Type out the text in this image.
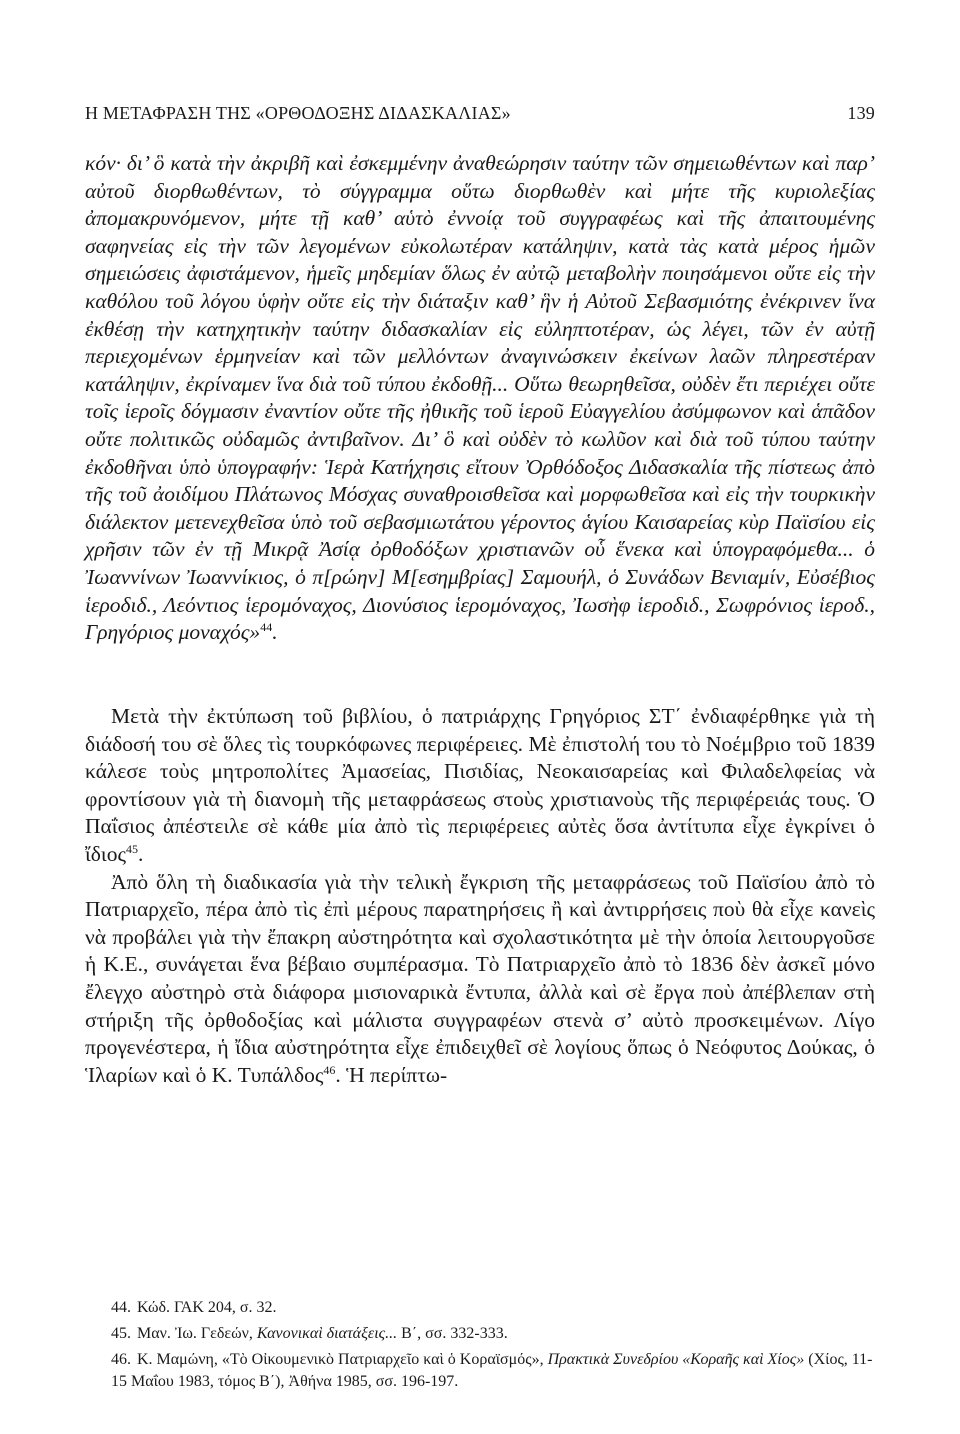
Η ΜΕΤΑΦΡΑΣΗ ΤΗΣ «ΟΡΘΟΔΟΞΗΣ ΔΙΔΑΣΚΑΛΙΑΣ»	139

κόν· δι’ ὃ κατὰ τὴν ἀκριβῆ καὶ ἐσκεμμένην ἀναθεώρησιν ταύτην τῶν σημειωθέντων καὶ παρ’ αὐτοῦ διορθωθέντων, τὸ σύγγραμμα οὕτω διορθωθὲν καὶ μήτε τῆς κυριολεξίας ἀπομακρυνόμενον, μήτε τῇ καθ’ αὑτὸ ἐννοίᾳ τοῦ συγγραφέως καὶ τῆς ἀπαιτουμένης σαφηνείας εἰς τὴν τῶν λεγομένων εὐκολωτέραν κατάληψιν, κατὰ τὰς κατὰ μέρος ἡμῶν σημειώσεις ἀφιστάμενον, ἡμεῖς μηδεμίαν ὅλως ἐν αὐτῷ μεταβολὴν ποιησάμενοι οὔτε εἰς τὴν καθόλου τοῦ λόγου ὑφὴν οὔτε εἰς τὴν διάταξιν καθ’ ἣν ἡ Αὐτοῦ Σεβασμιότης ἐνέκρινεν ἵνα ἐκθέσῃ τὴν κατηχητικὴν ταύτην διδασκαλίαν εἰς εὐληπτοτέραν, ὡς λέγει, τῶν ἐν αὐτῇ περιεχομένων ἑρμηνείαν καὶ τῶν μελλόντων ἀναγινώσκειν ἐκείνων λαῶν πληρεστέραν κατάληψιν, ἐκρίναμεν ἵνα διὰ τοῦ τύπου ἐκδοθῇ... Οὕτω θεωρηθεῖσα, οὐδὲν ἔτι περιέχει οὔτε τοῖς ἱεροῖς δόγμασιν ἐναντίον οὔτε τῆς ἠθικῆς τοῦ ἱεροῦ Εὐαγγελίου ἀσύμφωνον καὶ ἁπᾶδον οὔτε πολιτικῶς οὐδαμῶς ἀντιβαῖνον. Δι’ ὃ καὶ οὐδὲν τὸ κωλῦον καὶ διὰ τοῦ τύπου ταύτην ἐκδοθῆναι ὑπὸ ὑπογραφήν: Ἱερὰ Κατήχησις εἴτουν Ὀρθόδοξος Διδασκαλία τῆς πίστεως ἀπὸ τῆς τοῦ ἀοιδίμου Πλάτωνος Μόσχας συναθροισθεῖσα καὶ μορφωθεῖσα καὶ εἰς τὴν τουρκικὴν διάλεκτον μετενεχθεῖσα ὑπὸ τοῦ σεβασμιωτάτου γέροντος ἁγίου Καισαρείας κὺρ Παϊσίου εἰς χρῆσιν τῶν ἐν τῇ Μικρᾷ Ἀσίᾳ ὀρθοδόξων χριστιανῶν οὗ ἕνεκα καὶ ὑπογραφόμεθα... ὁ Ἰωαννίνων Ἰωαννίκιος, ὁ π[ρώην] Μ[εσημβρίας] Σαμουήλ, ὁ Συνάδων Βενιαμίν, Εὐσέβιος ἱεροδιδ., Λεόντιος ἱερομόναχος, Διονύσιος ἱερομόναχος, Ἰωσὴφ ἱεροδιδ., Σωφρόνιος ἱεροδ., Γρηγόριος μοναχός»$^{44}$.

Μετὰ τὴν ἐκτύπωση τοῦ βιβλίου, ὁ πατριάρχης Γρηγόριος ΣΤ΄ ἐνδιαφέρθηκε γιὰ τὴ διάδοσή του σὲ ὅλες τὶς τουρκόφωνες περιφέρειες. Μὲ ἐπιστολή του τὸ Νοέμβριο τοῦ 1839 κάλεσε τοὺς μητροπολίτες Ἀμασείας, Πισιδίας, Νεοκαισαρείας καὶ Φιλαδελφείας νὰ φροντίσουν γιὰ τὴ διανομὴ τῆς μεταφράσεως στοὺς χριστιανοὺς τῆς περιφέρειάς τους. Ὁ Παΐσιος ἀπέστειλε σὲ κάθε μία ἀπὸ τὶς περιφέρειες αὐτὲς ὅσα ἀντίτυπα εἶχε ἐγκρίνει ὁ ἴδιος$^{45}$.

Ἀπὸ ὅλη τὴ διαδικασία γιὰ τὴν τελικὴ ἔγκριση τῆς μεταφράσεως τοῦ Παϊσίου ἀπὸ τὸ Πατριαρχεῖο, πέρα ἀπὸ τὶς ἐπὶ μέρους παρατηρήσεις ἢ καὶ ἀντιρρήσεις ποὺ θὰ εἶχε κανεὶς νὰ προβάλει γιὰ τὴν ἔπακρη αὐστηρότητα καὶ σχολαστικότητα μὲ τὴν ὁποία λειτουργοῦσε ἡ Κ.Ε., συνάγεται ἕνα βέβαιο συμπέρασμα. Τὸ Πατριαρχεῖο ἀπὸ τὸ 1836 δὲν ἀσκεῖ μόνο ἔλεγχο αὐστηρὸ στὰ διάφορα μισιοναρικὰ ἔντυπα, ἀλλὰ καὶ σὲ ἔργα ποὺ ἀπέβλεπαν στὴ στήριξη τῆς ὀρθοδοξίας καὶ μάλιστα συγγραφέων στενὰ σ’ αὐτὸ προσκειμένων. Λίγο προγενέστερα, ἡ ἴδια αὐστηρότητα εἶχε ἐπιδειχθεῖ σὲ λογίους ὅπως ὁ Νεόφυτος Δούκας, ὁ Ἱλαρίων καὶ ὁ Κ. Τυπάλδος$^{46}$. Ἡ περίπτω-

44. Κώδ. ΓΑΚ 204, σ. 32.

45. Μαν. Ἰω. Γεδεών, Κανονικαὶ διατάξεις... Β΄, σσ. 332-333.

46. Κ. Μαμώνη, «Τὸ Οἰκουμενικὸ Πατριαρχεῖο καὶ ὁ Κοραϊσμός», Πρακτικὰ Συνεδρίου «Κοραῆς καὶ Χίος» (Χίος, 11-15 Μαΐου 1983, τόμος Β΄), Ἀθήνα 1985, σσ. 196-197.
